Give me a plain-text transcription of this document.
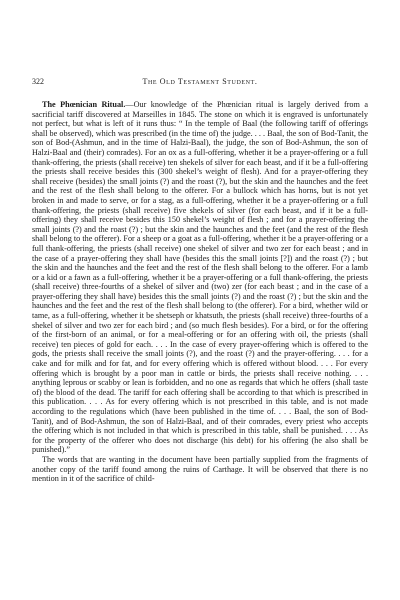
322	The Old Testament Student.

The Phœnician Ritual.—Our knowledge of the Phœnician ritual is largely derived from a sacrificial tariff discovered at Marseilles in 1845. The stone on which it is engraved is unfortunately not perfect, but what is left of it runs thus: “ In the temple of Baal (the following tariff of offerings shall be observed), which was prescribed (in the time of) the judge. . . . Baal, the son of Bod-Tanit, the son of Bod-(Ashmun, and in the time of Halzi-Baal), the judge, the son of Bod-Ashmun, the son of Halzi-Baal and (their) comrades). For an ox as a full-offering, whether it be a prayer-offering or a full thank-offering, the priests (shall receive) ten shekels of silver for each beast, and if it be a full-offering the priests shall receive besides this (300 shekel’s weight of flesh). And for a prayer-offering they shall receive (besides) the small joints (?) and the roast (?), but the skin and the haunches and the feet and the rest of the flesh shall belong to the offerer. For a bullock which has horns, but is not yet broken in and made to serve, or for a stag, as a full-offering, whether it be a prayer-offering or a full thank-offering, the priests (shall receive) five shekels of silver (for each beast, and if it be a full-offering) they shall receive besides this 150 shekel’s weight of flesh ; and for a prayer-offering the small joints (?) and the roast (?) ; but the skin and the haunches and the feet (and the rest of the flesh shall belong to the offerer). For a sheep or a goat as a full-offering, whether it be a prayer-offering or a full thank-offering, the priests (shall receive) one shekel of silver and two zer for each beast ; and in the case of a prayer-offering they shall have (besides this the small joints [?]) and the roast (?) ; but the skin and the haunches and the feet and the rest of the flesh shall belong to the offerer. For a lamb or a kid or a fawn as a full-offering, whether it be a prayer-offering or a full thank-offering, the priests (shall receive) three-fourths of a shekel of silver and (two) zer (for each beast ; and in the case of a prayer-offering they shall have) besides this the small joints (?) and the roast (?) ; but the skin and the haunches and the feet and the rest of the flesh shall belong to (the offerer). For a bird, whether wild or tame, as a full-offering, whether it be shetseph or khatsuth, the priests (shall receive) three-fourths of a shekel of silver and two zer for each bird ; and (so much flesh besides). For a bird, or for the offering of the first-born of an animal, or for a meal-offering or for an offering with oil, the priests (shall receive) ten pieces of gold for each. . . . In the case of every prayer-offering which is offered to the gods, the priests shall receive the small joints (?), and the roast (?) and the prayer-offering. . . . for a cake and for milk and for fat, and for every offering which is offered without blood. . . . For every offering which is brought by a poor man in cattle or birds, the priests shall receive nothing. . . . anything leprous or scabby or lean is forbidden, and no one as regards that which he offers (shall taste of) the blood of the dead. The tariff for each offering shall be according to that which is prescribed in this publication. . . . As for every offering which is not prescribed in this table, and is not made according to the regulations which (have been published in the time of. . . . Baal, the son of Bod-Tanit), and of Bod-Ashmun, the son of Halzi-Baal, and of their comrades, every priest who accepts the offering which is not included in that which is prescribed in this table, shall be punished. . . . As for the property of the offerer who does not discharge (his debt) for his offering (he also shall be punished).”

The words that are wanting in the document have been partially supplied from the fragments of another copy of the tariff found among the ruins of Carthage. It will be observed that there is no mention in it of the sacrifice of child-
